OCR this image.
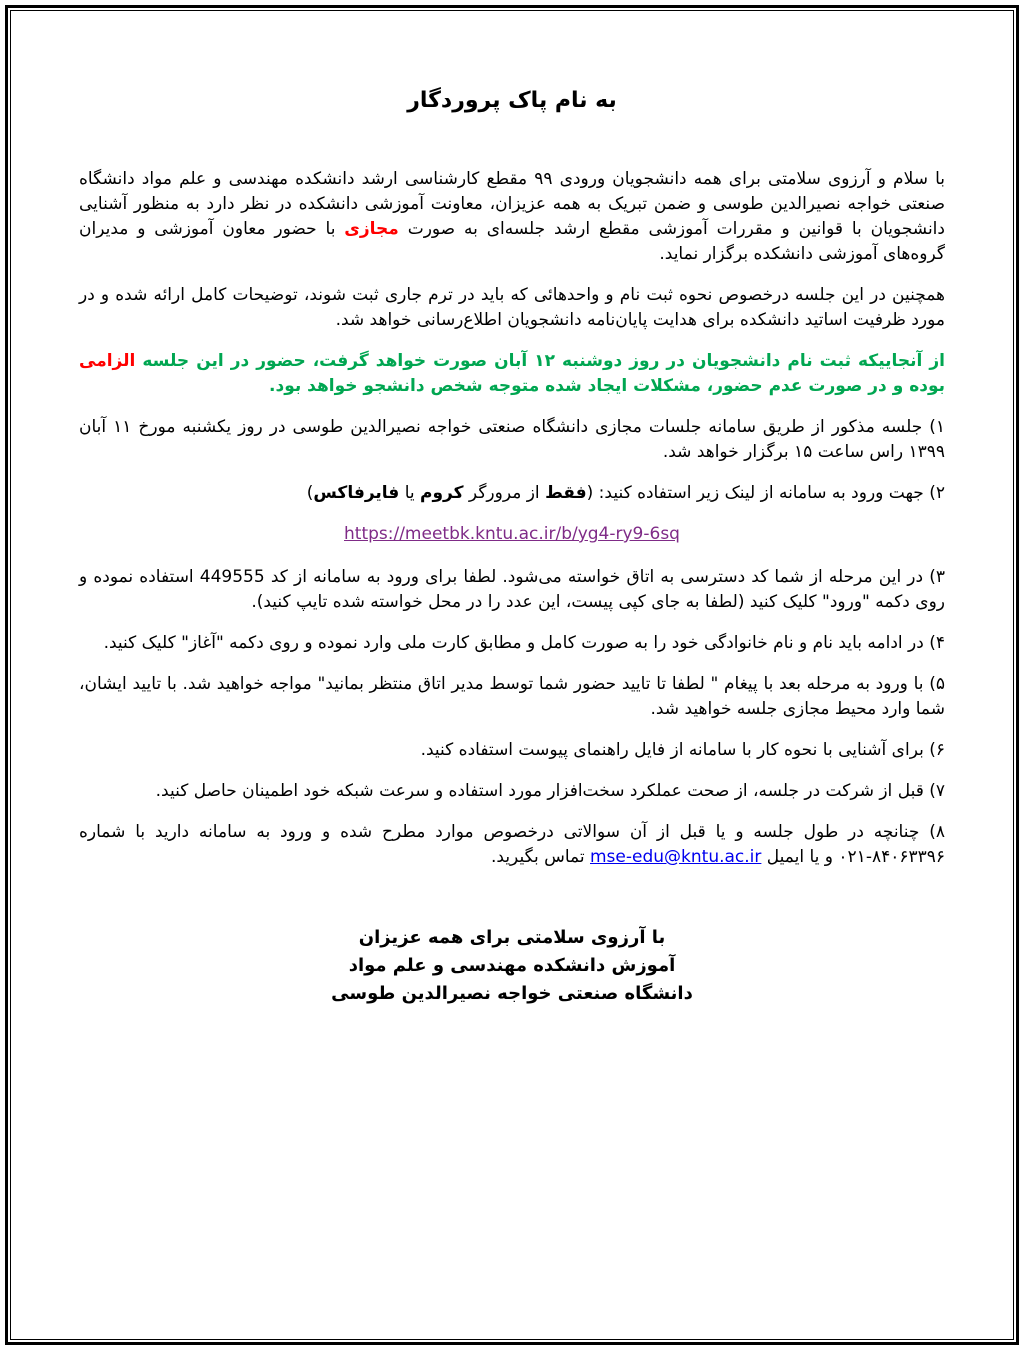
به نام پاک پروردگار

با سلام و آرزوی سلامتی برای همه دانشجویان ورودی ۹۹ مقطع کارشناسی ارشد دانشکده مهندسی و علم مواد دانشگاه صنعتی خواجه نصیرالدین طوسی و ضمن تبریک به همه عزیزان، معاونت آموزشی دانشکده در نظر دارد به منظور آشنایی دانشجویان با قوانین و مقررات آموزشی مقطع ارشد جلسه‌ای به صورت مجازی با حضور معاون آموزشی و مدیران گروه‌های آموزشی دانشکده برگزار نماید.

همچنین در این جلسه درخصوص نحوه ثبت نام و واحدهائی که باید در ترم جاری ثبت شوند، توضیحات کامل ارائه شده و در مورد ظرفیت اساتید دانشکده برای هدایت پایان‌نامه دانشجویان اطلاع‌رسانی خواهد شد.

از آنجاییکه ثبت نام دانشجویان در روز دوشنبه ۱۲ آبان صورت خواهد گرفت، حضور در این جلسه الزامی بوده و در صورت عدم حضور، مشکلات ایجاد شده متوجه شخص دانشجو خواهد بود.

۱) جلسه مذکور از طریق سامانه جلسات مجازی دانشگاه صنعتی خواجه نصیرالدین طوسی در روز یکشنبه مورخ ۱۱ آبان ۱۳۹۹ راس ساعت ۱۵ برگزار خواهد شد.

۲) جهت ورود به سامانه از لینک زیر استفاده کنید: (فقط از مرورگر کروم یا فایرفاکس)

https://meetbk.kntu.ac.ir/b/yg4-ry9-6sq

۳) در این مرحله از شما کد دسترسی به اتاق خواسته می‌شود. لطفا برای ورود به سامانه از کد 449555 استفاده نموده و روی دکمه "ورود" کلیک کنید (لطفا به جای کپی پیست، این عدد را در محل خواسته شده تایپ کنید).

۴) در ادامه باید نام و نام خانوادگی خود را به صورت کامل و مطابق کارت ملی وارد نموده و روی دکمه "آغاز" کلیک کنید.

۵) با ورود به مرحله بعد با پیغام " لطفا تا تایید حضور شما توسط مدیر اتاق منتظر بمانید" مواجه خواهید شد. با تایید ایشان، شما وارد محیط مجازی جلسه خواهید شد.

۶) برای آشنایی با نحوه کار با سامانه از فایل راهنمای پیوست استفاده کنید.

۷) قبل از شرکت در جلسه، از صحت عملکرد سخت‌افزار مورد استفاده و سرعت شبکه خود اطمینان حاصل کنید.

۸) چنانچه در طول جلسه و یا قبل از آن سوالاتی درخصوص موارد مطرح شده و ورود به سامانه دارید با شماره ۰۲۱-۸۴۰۶۳۳۹۶ و یا ایمیل mse-edu@kntu.ac.ir تماس بگیرید.

با آرزوی سلامتی برای همه عزیزان
آموزش دانشکده مهندسی و علم مواد
دانشگاه صنعتی خواجه نصیرالدین طوسی
